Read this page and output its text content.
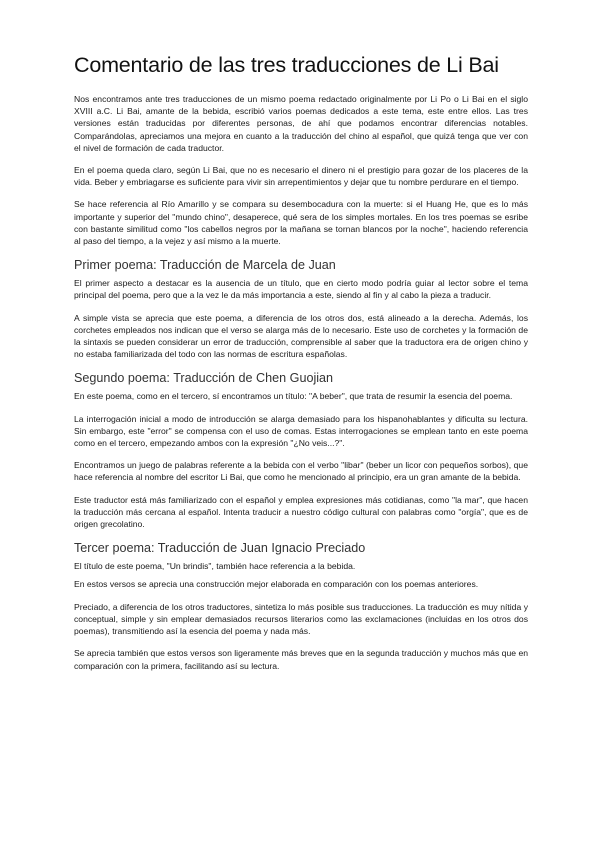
Comentario de las tres traducciones de Li Bai

Nos encontramos ante tres traducciones de un mismo poema redactado originalmente por Li Po o Li Bai en el siglo XVIII a.C. Li Bai, amante de la bebida, escribió varios poemas dedicados a este tema, este entre ellos. Las tres versiones están traducidas por diferentes personas, de ahí que podamos encontrar diferencias notables. Comparándolas, apreciamos una mejora en cuanto a la traducción del chino al español, que quizá tenga que ver con el nivel de formación de cada traductor.

En el poema queda claro, según Li Bai, que no es necesario el dinero ni el prestigio para gozar de los placeres de la vida. Beber y embriagarse es suficiente para vivir sin arrepentimientos y dejar que tu nombre perdurare en el tiempo.

Se hace referencia al Río Amarillo y se compara su desembocadura con la muerte: si el Huang He, que es lo más importante y superior del "mundo chino", desaperece, qué sera de los simples mortales. En los tres poemas se esribe con bastante similitud como "los cabellos negros por la mañana se tornan blancos por la noche", haciendo referencia al paso del tiempo, a la vejez y así mismo a la muerte.

Primer poema: Traducción de Marcela de Juan

El primer aspecto a destacar es la ausencia de un título, que en cierto modo podría guiar al lector sobre el tema principal del poema, pero que a la vez le da más importancia a este, siendo al fin y al cabo la pieza a traducir.

A simple vista se aprecia que este poema, a diferencia de los otros dos, está alineado a la derecha. Además, los corchetes empleados nos indican que el verso se alarga más de lo necesario. Este uso de corchetes y la formación de la sintaxis se pueden considerar un error de traducción, comprensible al saber que la traductora era de origen chino y no estaba familiarizada del todo con las normas de escritura españolas.

Segundo poema: Traducción de Chen Guojian

En este poema, como en el tercero, sí encontramos un título: "A beber", que trata de resumir la esencia del poema.

La interrogación inicial a modo de introducción se alarga demasiado para los hispanohablantes y dificulta su lectura. Sin embargo, este "error" se compensa con el uso de comas. Estas interrogaciones se emplean tanto en este poema como en el tercero, empezando ambos con la expresión "¿No veis...?".

Encontramos un juego de palabras referente a la bebida con el verbo "libar" (beber un licor con pequeños sorbos), que hace referencia al nombre del escritor Li Bai, que como he mencionado al principio, era un gran amante de la bebida.

Este traductor está más familiarizado con el español y emplea expresiones más cotidianas, como "la mar", que hacen la traducción más cercana al español. Intenta traducir a nuestro código cultural con palabras como "orgía", que es de origen grecolatino.

Tercer poema: Traducción de Juan Ignacio Preciado

El título de este poema, "Un brindis", también hace referencia a la bebida.

En estos versos se aprecia una construcción mejor elaborada en comparación con los poemas anteriores.

Preciado, a diferencia de los otros traductores, sintetiza lo más posible sus traducciones. La traducción es muy nítida y conceptual, simple y sin emplear demasiados recursos literarios como las exclamaciones (incluidas en los otros dos poemas), transmitiendo así la esencia del poema y nada más.

Se aprecia también que estos versos son ligeramente más breves que en la segunda traducción y muchos más que en comparación con la primera, facilitando así su lectura.
